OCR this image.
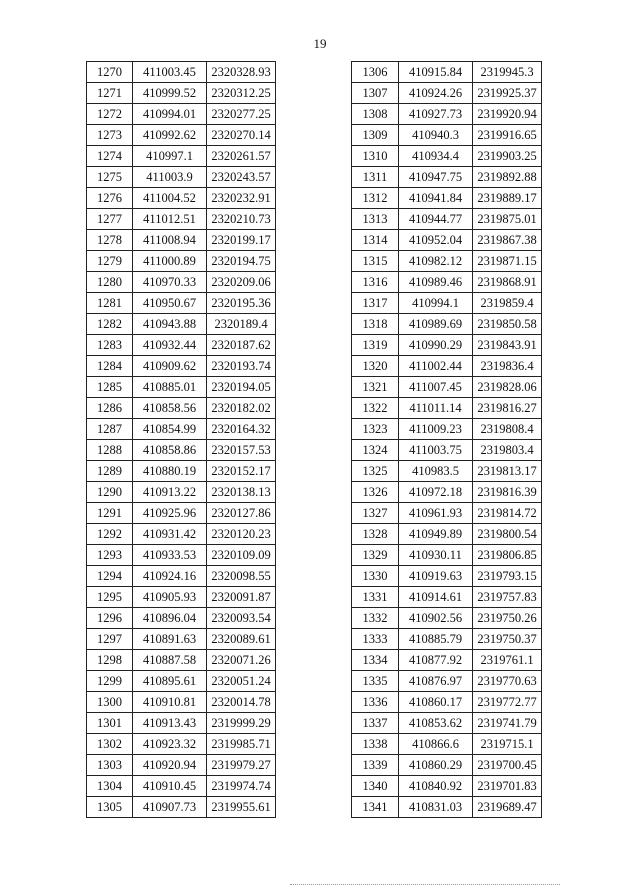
19
1270	411003.45	2320328.93
1271	410999.52	2320312.25
1272	410994.01	2320277.25
1273	410992.62	2320270.14
1274	410997.1	2320261.57
1275	411003.9	2320243.57
1276	411004.52	2320232.91
1277	411012.51	2320210.73
1278	411008.94	2320199.17
1279	411000.89	2320194.75
1280	410970.33	2320209.06
1281	410950.67	2320195.36
1282	410943.88	2320189.4
1283	410932.44	2320187.62
1284	410909.62	2320193.74
1285	410885.01	2320194.05
1286	410858.56	2320182.02
1287	410854.99	2320164.32
1288	410858.86	2320157.53
1289	410880.19	2320152.17
1290	410913.22	2320138.13
1291	410925.96	2320127.86
1292	410931.42	2320120.23
1293	410933.53	2320109.09
1294	410924.16	2320098.55
1295	410905.93	2320091.87
1296	410896.04	2320093.54
1297	410891.63	2320089.61
1298	410887.58	2320071.26
1299	410895.61	2320051.24
1300	410910.81	2320014.78
1301	410913.43	2319999.29
1302	410923.32	2319985.71
1303	410920.94	2319979.27
1304	410910.45	2319974.74
1305	410907.73	2319955.61
1306	410915.84	2319945.3
1307	410924.26	2319925.37
1308	410927.73	2319920.94
1309	410940.3	2319916.65
1310	410934.4	2319903.25
1311	410947.75	2319892.88
1312	410941.84	2319889.17
1313	410944.77	2319875.01
1314	410952.04	2319867.38
1315	410982.12	2319871.15
1316	410989.46	2319868.91
1317	410994.1	2319859.4
1318	410989.69	2319850.58
1319	410990.29	2319843.91
1320	411002.44	2319836.4
1321	411007.45	2319828.06
1322	411011.14	2319816.27
1323	411009.23	2319808.4
1324	411003.75	2319803.4
1325	410983.5	2319813.17
1326	410972.18	2319816.39
1327	410961.93	2319814.72
1328	410949.89	2319800.54
1329	410930.11	2319806.85
1330	410919.63	2319793.15
1331	410914.61	2319757.83
1332	410902.56	2319750.26
1333	410885.79	2319750.37
1334	410877.92	2319761.1
1335	410876.97	2319770.63
1336	410860.17	2319772.77
1337	410853.62	2319741.79
1338	410866.6	2319715.1
1339	410860.29	2319700.45
1340	410840.92	2319701.83
1341	410831.03	2319689.47
